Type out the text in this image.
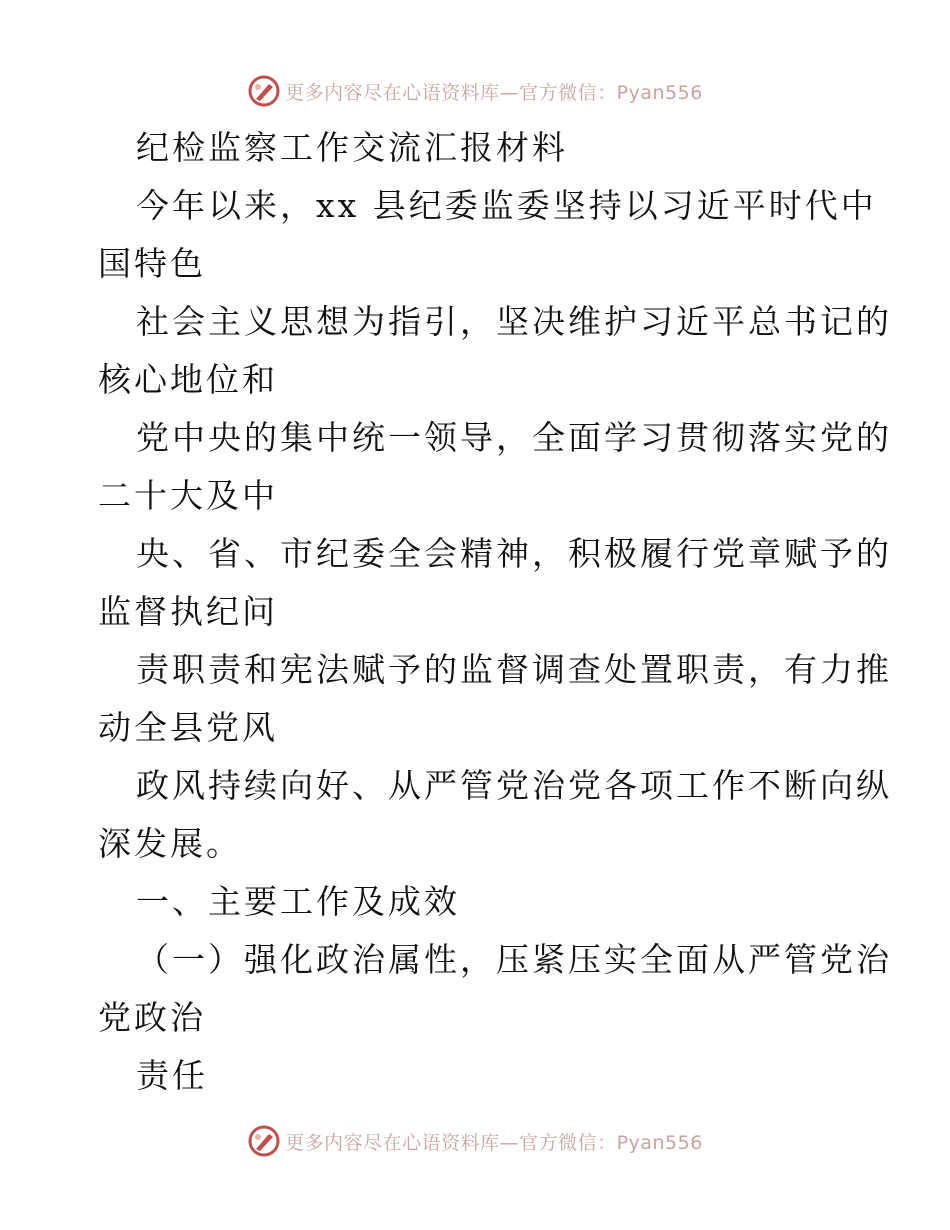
更多内容尽在心语资料库—官方微信：Pyan556
纪检监察工作交流汇报材料
今年以来，xx 县纪委监委坚持以习近平时代中
国特色
社会主义思想为指引，坚决维护习近平总书记的
核心地位和
党中央的集中统一领导，全面学习贯彻落实党的
二十大及中
央、省、市纪委全会精神，积极履行党章赋予的
监督执纪问
责职责和宪法赋予的监督调查处置职责，有力推
动全县党风
政风持续向好、从严管党治党各项工作不断向纵
深发展。
一、主要工作及成效
（一）强化政治属性，压紧压实全面从严管党治
党政治
责任
更多内容尽在心语资料库—官方微信：Pyan556
